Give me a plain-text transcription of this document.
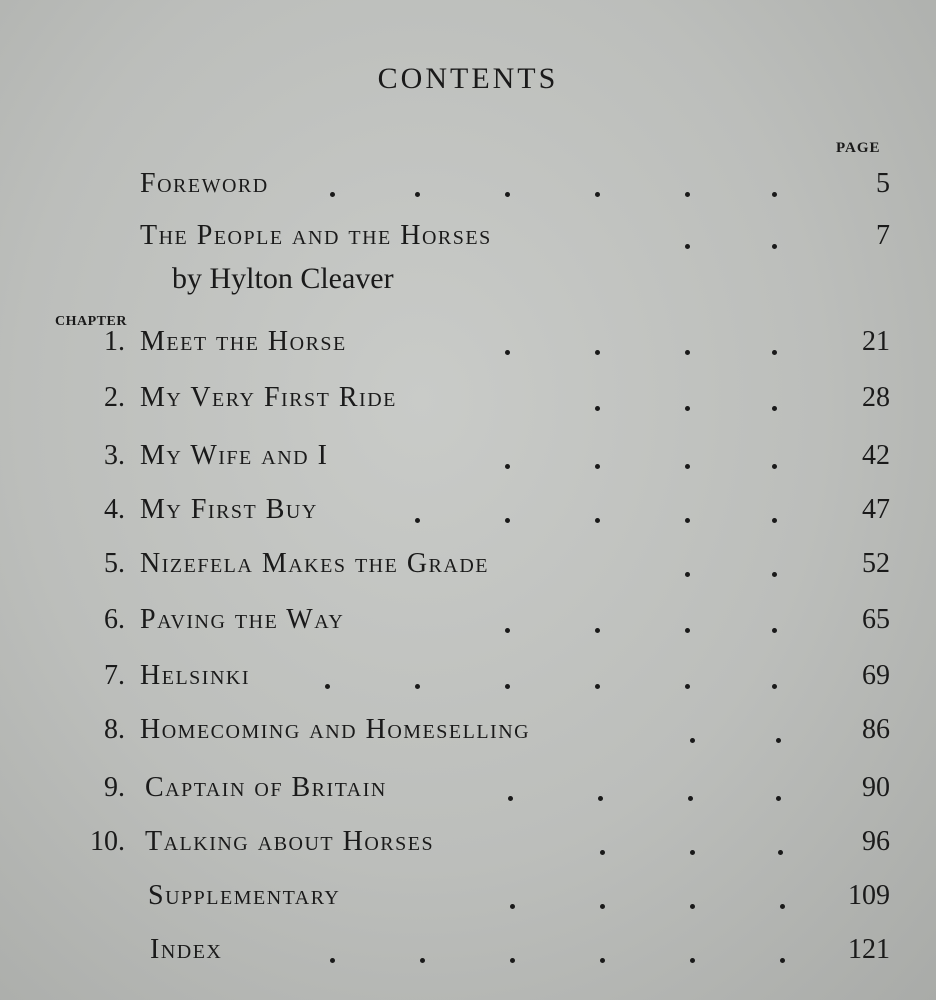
CONTENTS
PAGE
CHAPTER
Foreword	5
The People and the Horses	7
by Hylton Cleaver
1. Meet the Horse	21
2. My Very First Ride	28
3. My Wife and I	42
4. My First Buy	47
5. Nizefela Makes the Grade	52
6. Paving the Way	65
7. Helsinki	69
8. Homecoming and Homeselling	86
9. Captain of Britain	90
10. Talking about Horses	96
Supplementary	109
Index	121
